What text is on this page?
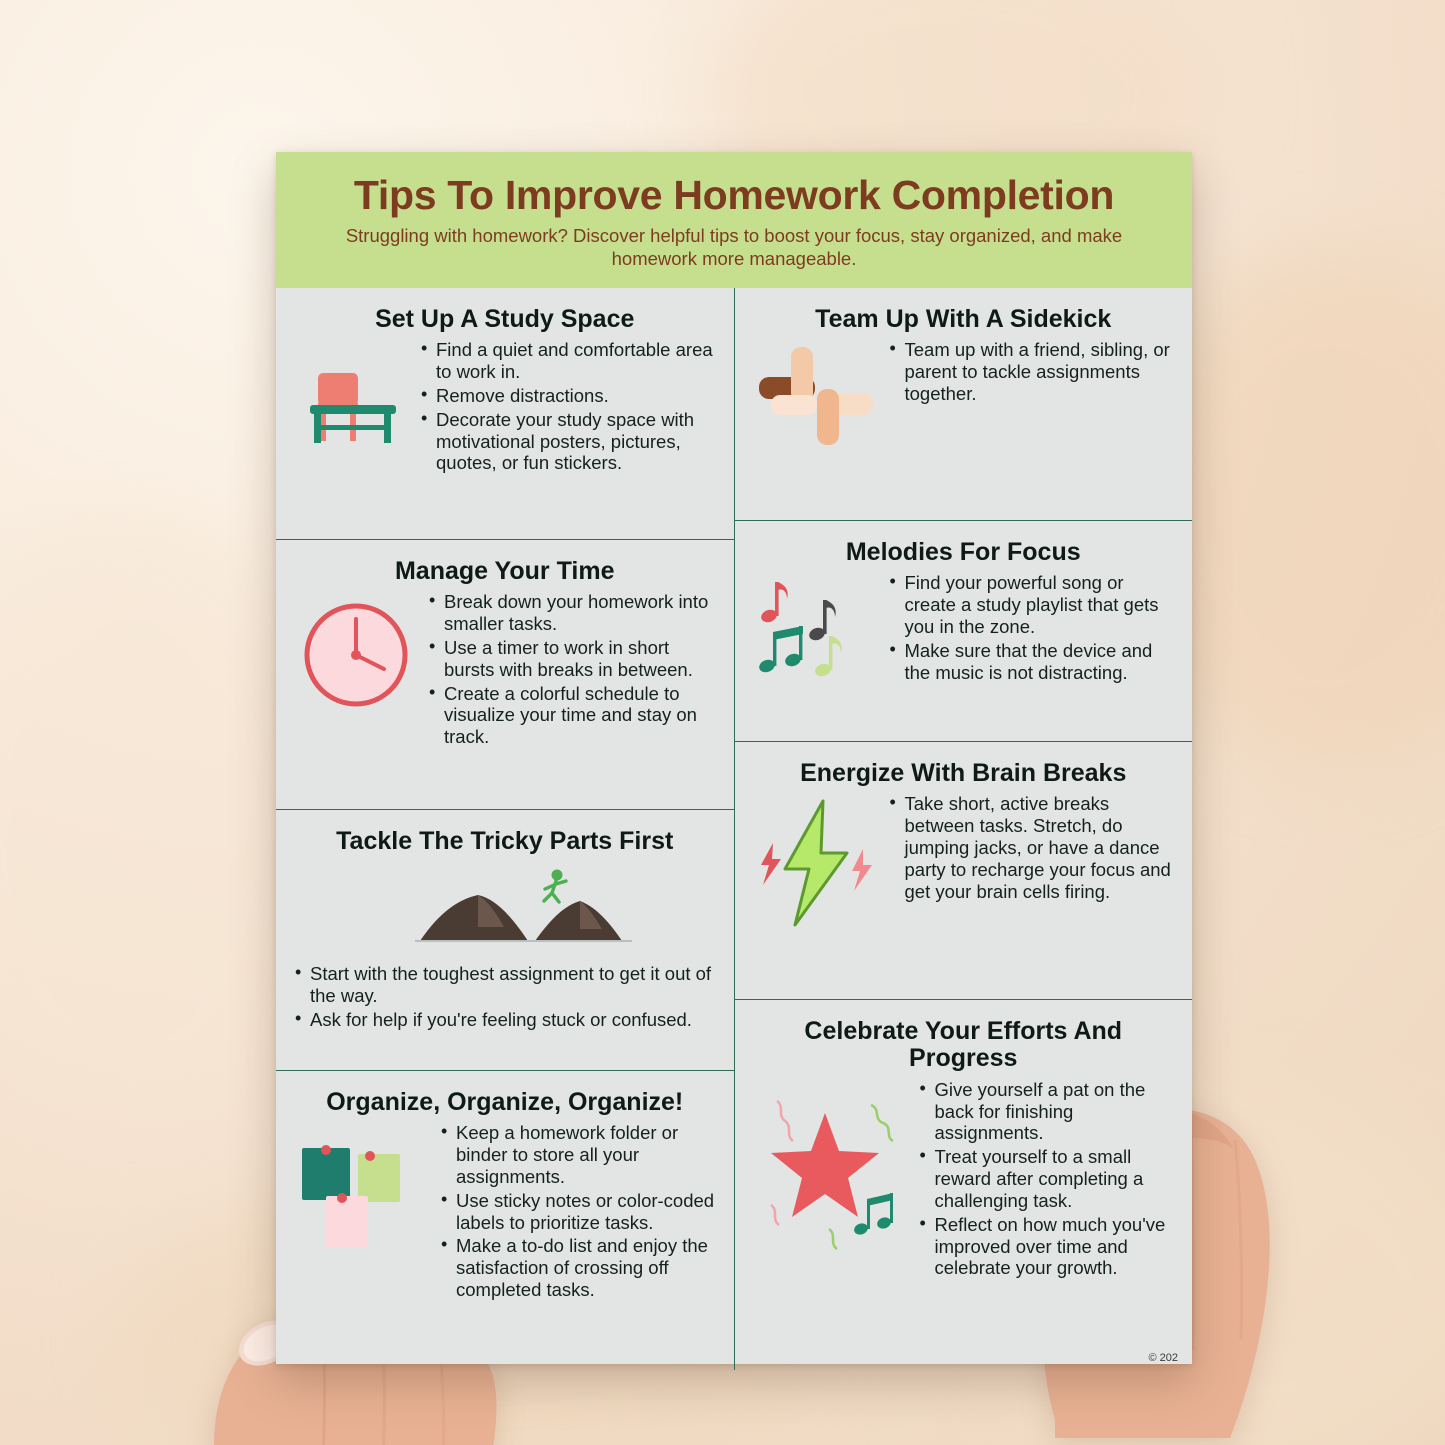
Tips To Improve Homework Completion

Struggling with homework? Discover helpful tips to boost your focus, stay organized, and make homework more manageable.

Set Up A Study Space
• Find a quiet and comfortable area to work in.
• Remove distractions.
• Decorate your study space with motivational posters, pictures, quotes, or fun stickers.
Manage Your Time
• Break down your homework into smaller tasks.
• Use a timer to work in short bursts with breaks in between.
• Create a colorful schedule to visualize your time and stay on track.
Tackle The Tricky Parts First
• Start with the toughest assignment to get it out of the way.
• Ask for help if you're feeling stuck or confused.
Organize, Organize, Organize!
• Keep a homework folder or binder to store all your assignments.
• Use sticky notes or color-coded labels to prioritize tasks.
• Make a to-do list and enjoy the satisfaction of crossing off completed tasks.
Team Up With A Sidekick
• Team up with a friend, sibling, or parent to tackle assignments together.
Melodies For Focus
• Find your powerful song or create a study playlist that gets you in the zone.
• Make sure that the device and the music is not distracting.
Energize With Brain Breaks
• Take short, active breaks between tasks. Stretch, do jumping jacks, or have a dance party to recharge your focus and get your brain cells firing.
Celebrate Your Efforts And Progress
• Give yourself a pat on the back for finishing assignments.
• Treat yourself to a small reward after completing a challenging task.
• Reflect on how much you've improved over time and celebrate your growth.
© 202
